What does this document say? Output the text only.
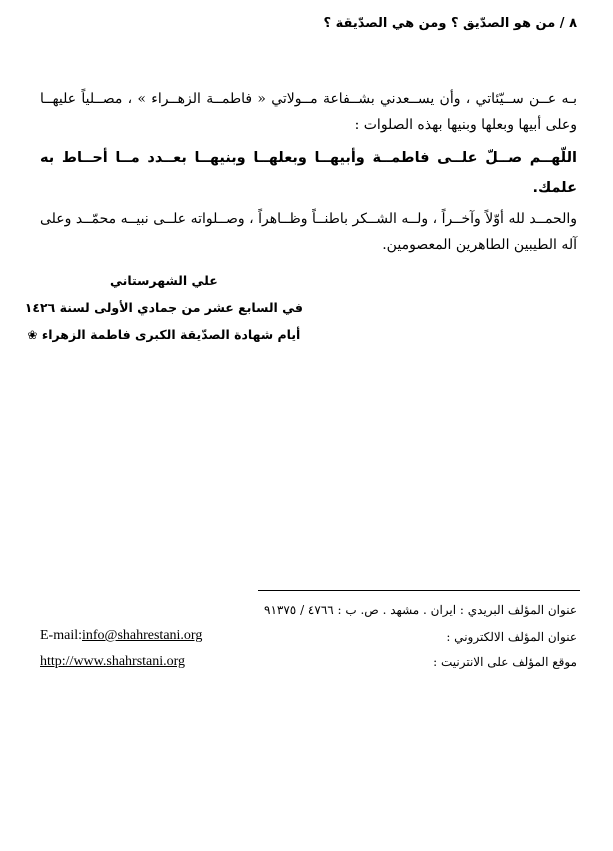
٨ / من هو الصدّيق ؟ ومن هي الصدّيقة ؟
بـه عــن ســيّئاتي ، وأن يســعدني بشــفاعة مــولاتي « فاطمــة الزهــراء » ، مصــلياً عليهــا وعلى أبيها وبعلها وبنيها بهذه الصلوات :
اللّهــم صــلّ علــى فاطمــة وأبيهــا وبعلهــا وبنيهــا بعــدد مــا أحــاط به علمك.
والحمــد لله أوّلاً وآخــراً ، ولــه الشــكر باطنــاً وظــاهراً ، وصــلواته علــى نبيــه محمّــد وعلى آله الطيبين الطاهرين المعصومين.
علي الشهرستاني
في السابع عشر من جمادي الأولى لسنة ١٤٢٦
أيام شهادة الصدّيقة الكبرى فاطمة الزهراء ❀
عنوان المؤلف البريدي : ايران . مشهد . ص. ب : ٤٧٦٦ / ٩١٣٧٥
عنوان المؤلف الالكتروني :
موقع المؤلف على الانترنيت :
E-mail:info@shahrestani.org
http://www.shahrstani.org
